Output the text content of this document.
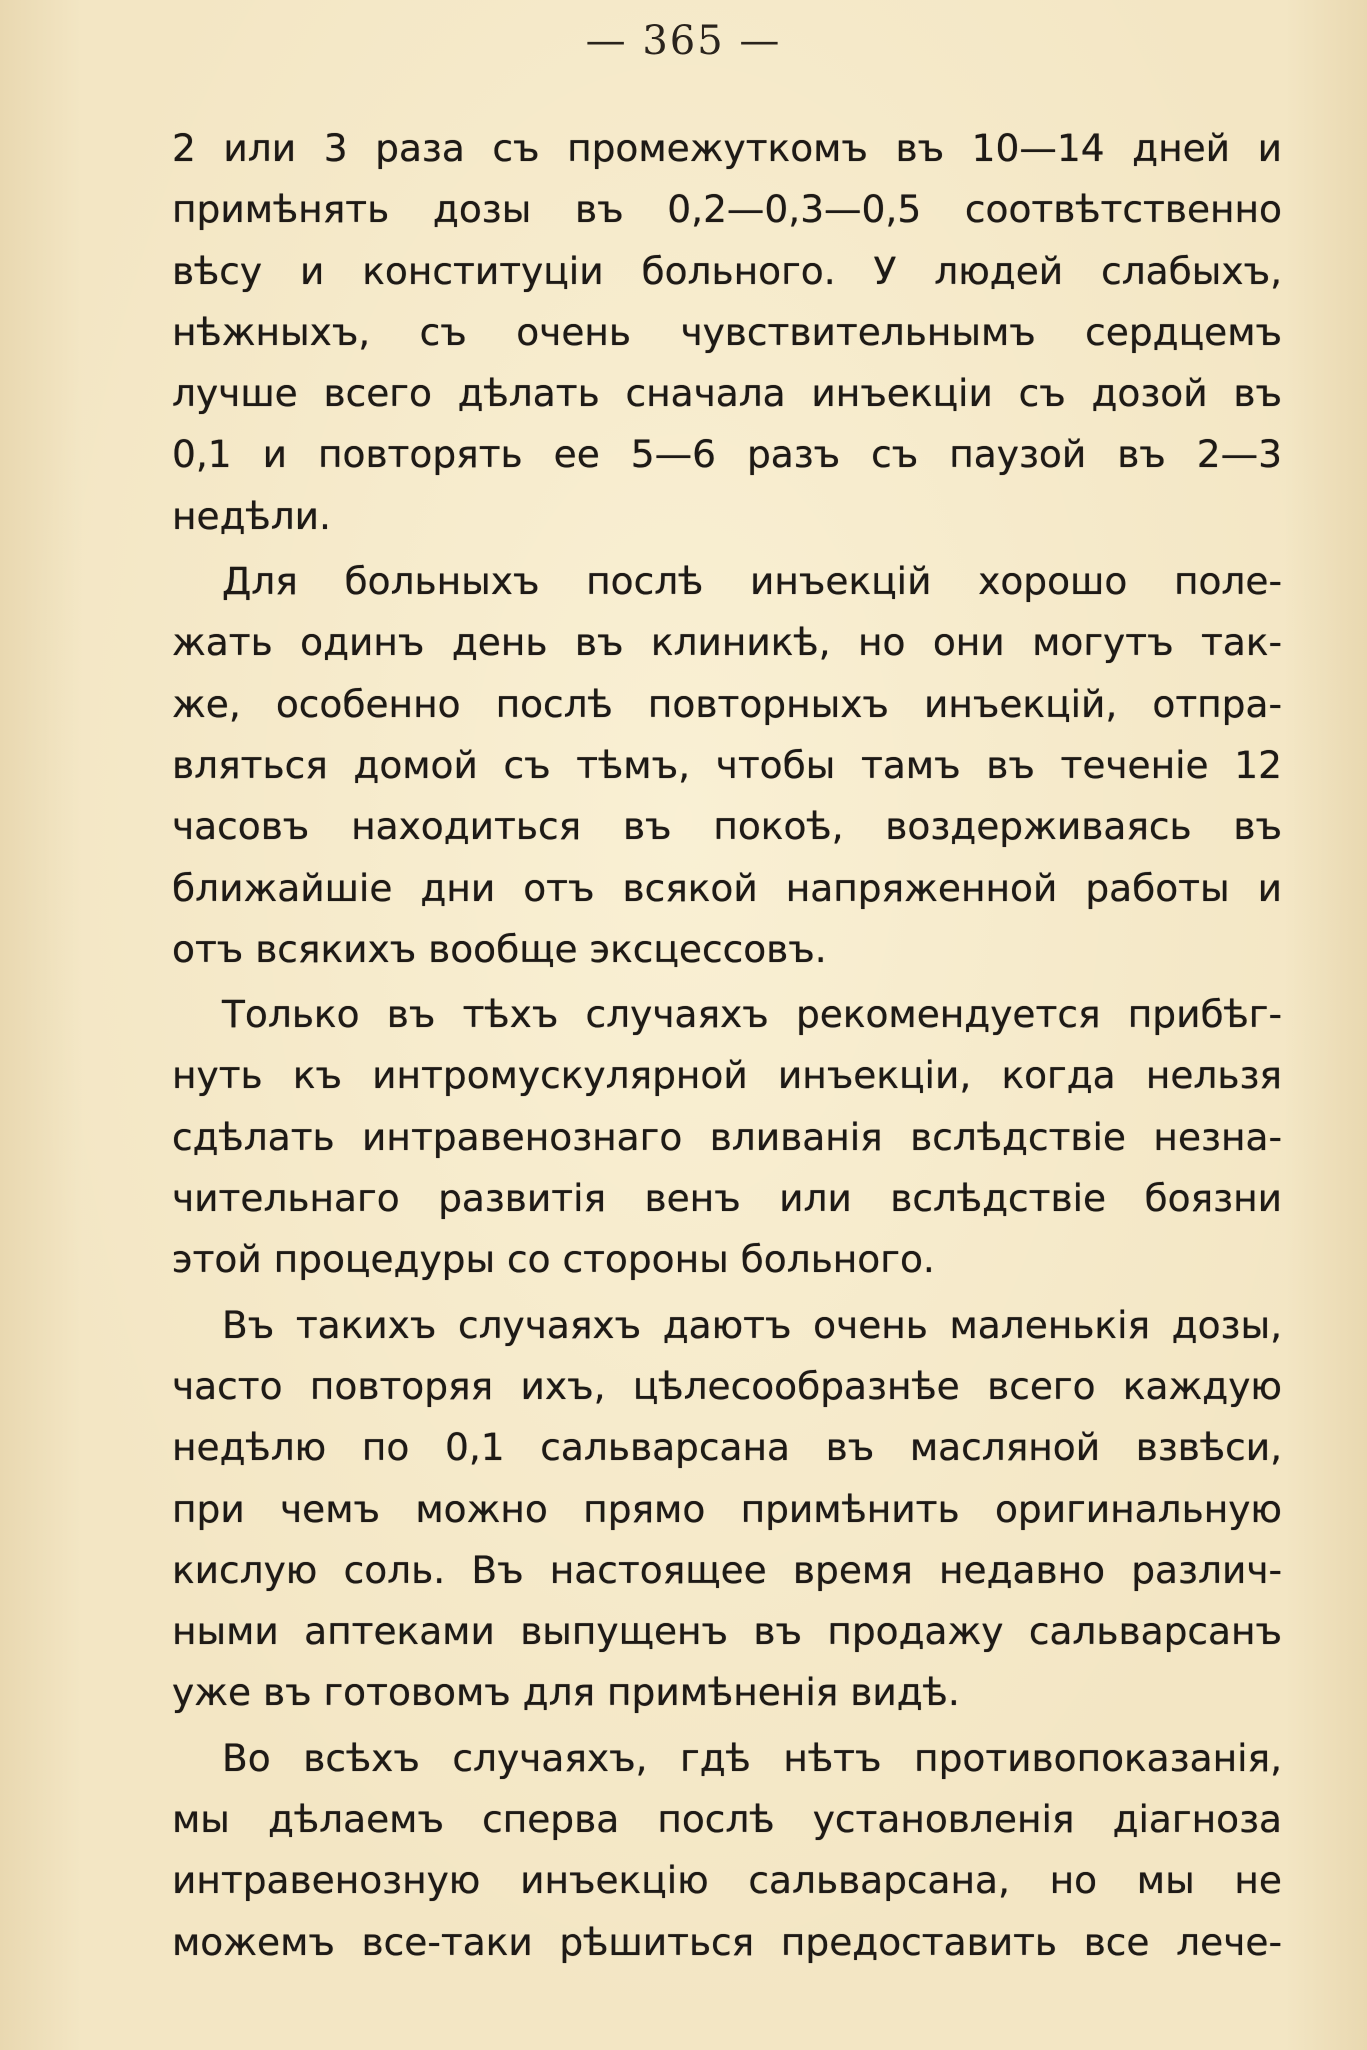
— 365 —
2 или 3 раза съ промежуткомъ въ 10—14 дней и
примѣнять дозы въ 0,2—0,3—0,5 соотвѣтственно
вѣсу и конституціи больного. У людей слабыхъ,
нѣжныхъ, съ очень чувствительнымъ сердцемъ
лучше всего дѣлать сначала инъекціи съ дозой въ
0,1 и повторять ее 5—6 разъ съ паузой въ 2—3
недѣли.
Для больныхъ послѣ инъекцій хорошо поле-
жать одинъ день въ клиникѣ, но они могутъ так-
же, особенно послѣ повторныхъ инъекцій, отпра-
вляться домой съ тѣмъ, чтобы тамъ въ теченіе 12
часовъ находиться въ покоѣ, воздерживаясь въ
ближайшіе дни отъ всякой напряженной работы и
отъ всякихъ вообще эксцессовъ.
Только въ тѣхъ случаяхъ рекомендуется прибѣг-
нуть къ интромускулярной инъекціи, когда нельзя
сдѣлать интравенознаго вливанія вслѣдствіе незна-
чительнаго развитія венъ или вслѣдствіе боязни
этой процедуры со стороны больного.
Въ такихъ случаяхъ даютъ очень маленькія дозы,
часто повторяя ихъ, цѣлесообразнѣе всего каждую
недѣлю по 0,1 сальварсана въ масляной взвѣси,
при чемъ можно прямо примѣнить оригинальную
кислую соль. Въ настоящее время недавно различ-
ными аптеками выпущенъ въ продажу сальварсанъ
уже въ готовомъ для примѣненія видѣ.
Во всѣхъ случаяхъ, гдѣ нѣтъ противопоказанія,
мы дѣлаемъ сперва послѣ установленія діагноза
интравенозную инъекцію сальварсана, но мы не
можемъ все-таки рѣшиться предоставить все лече-
